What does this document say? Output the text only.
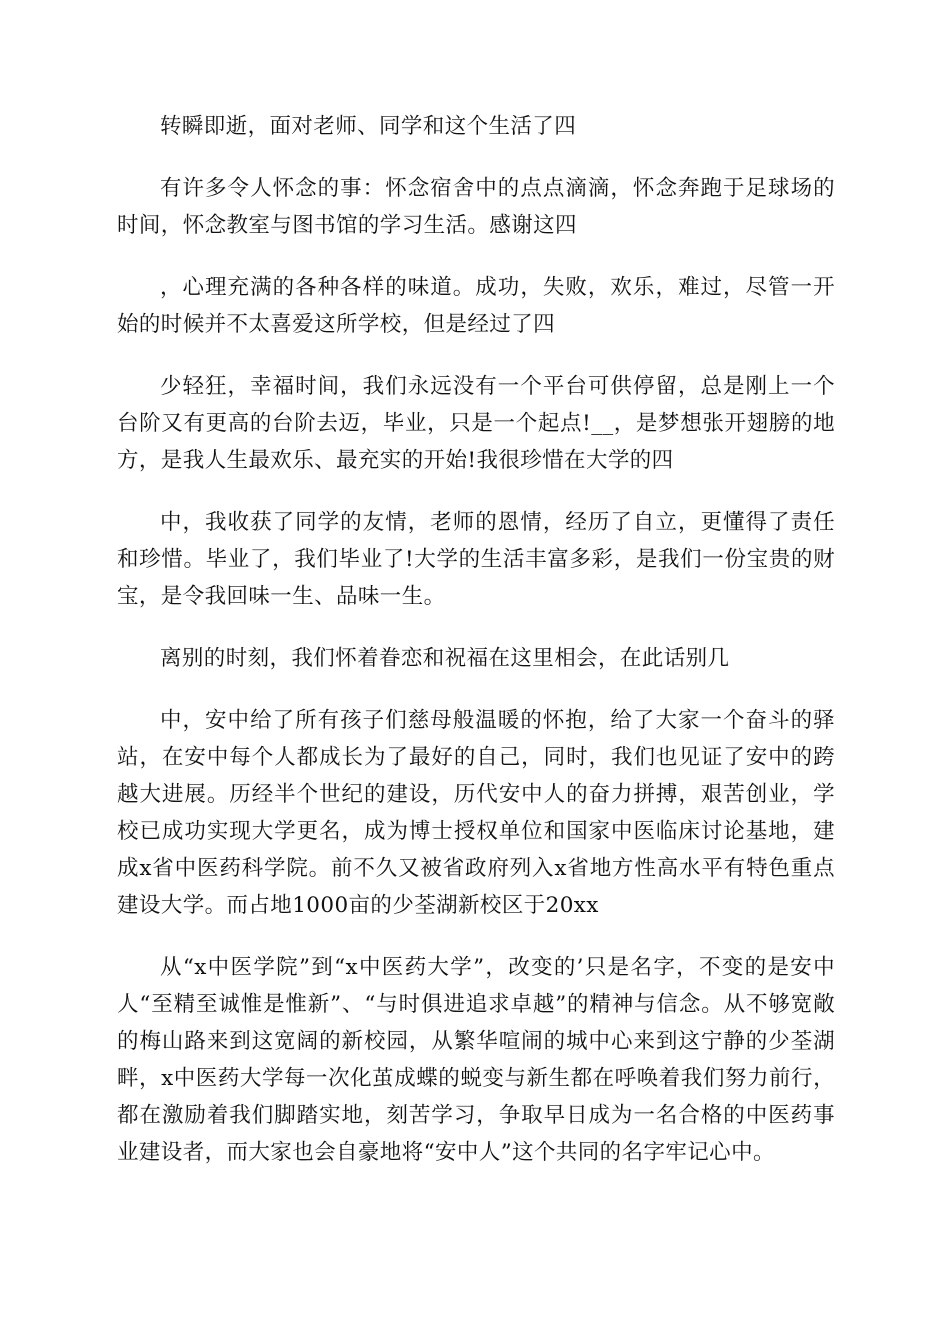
转瞬即逝，面对老师、同学和这个生活了四

有许多令人怀念的事：怀念宿舍中的点点滴滴，怀念奔跑于足球场的时间，怀念教室与图书馆的学习生活。感谢这四

，心理充满的各种各样的味道。成功，失败，欢乐，难过，尽管一开始的时候并不太喜爱这所学校，但是经过了四

少轻狂，幸福时间，我们永远没有一个平台可供停留，总是刚上一个台阶又有更高的台阶去迈，毕业，只是一个起点!__，是梦想张开翅膀的地方，是我人生最欢乐、最充实的开始!我很珍惜在大学的四

中，我收获了同学的友情，老师的恩情，经历了自立，更懂得了责任和珍惜。毕业了，我们毕业了!大学的生活丰富多彩，是我们一份宝贵的财宝，是令我回味一生、品味一生。

离别的时刻，我们怀着眷恋和祝福在这里相会，在此话别几

中，安中给了所有孩子们慈母般温暖的怀抱，给了大家一个奋斗的驿站，在安中每个人都成长为了最好的自己，同时，我们也见证了安中的跨越大进展。历经半个世纪的建设，历代安中人的奋力拼搏，艰苦创业，学校已成功实现大学更名，成为博士授权单位和国家中医临床讨论基地，建成x省中医药科学院。前不久又被省政府列入x省地方性高水平有特色重点建设大学。而占地1000亩的少荃湖新校区于20xx

从“x中医学院”到“x中医药大学”，改变的’只是名字，不变的是安中人“至精至诚惟是惟新”、“与时俱进追求卓越”的精神与信念。从不够宽敞的梅山路来到这宽阔的新校园，从繁华喧闹的城中心来到这宁静的少荃湖畔，x中医药大学每一次化茧成蝶的蜕变与新生都在呼唤着我们努力前行，都在激励着我们脚踏实地，刻苦学习，争取早日成为一名合格的中医药事业建设者，而大家也会自豪地将“安中人”这个共同的名字牢记心中。
